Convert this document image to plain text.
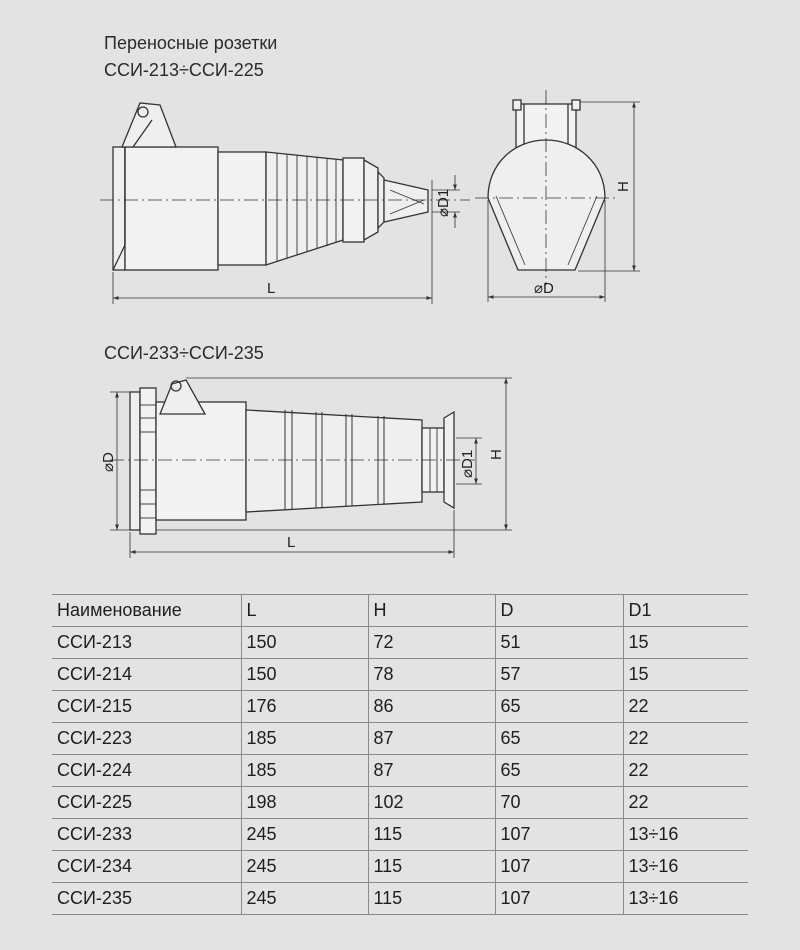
Переносные розетки
ССИ-213÷ССИ-225
ССИ-233÷ССИ-235
L
⌀D1
H
⌀D
⌀D	⌀D1 H
L
Наименование	L	H	D	D1
ССИ-213	150	72	51	15
ССИ-214	150	78	57	15
ССИ-215	176	86	65	22
ССИ-223	185	87	65	22
ССИ-224	185	87	65	22
ССИ-225	198	102	70	22
ССИ-233	245	115	107	13÷16
ССИ-234	245	115	107	13÷16
ССИ-235	245	115	107	13÷16
